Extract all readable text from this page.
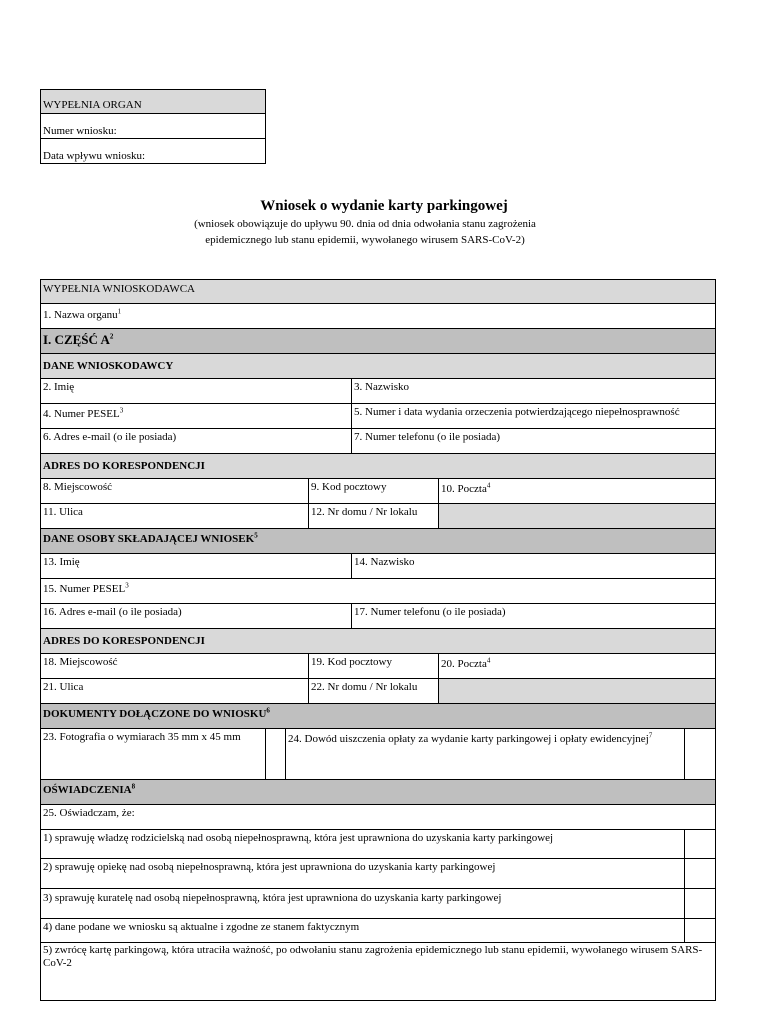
WYPEŁNIA ORGAN
Numer wniosku:
Data wpływu wniosku:
Wniosek o wydanie karty parkingowej
(wniosek obowiązuje do upływu 90. dnia od dnia odwołania stanu zagrożenia
epidemicznego lub stanu epidemii, wywołanego wirusem SARS-CoV-2)
WYPEŁNIA WNIOSKODAWCA
1. Nazwa organu$^1$
I. CZĘŚĆ $A^2$
DANE WNIOSKODAWCY
2. Imię	3. Nazwisko
4. Numer PESEL$^3$	5. Numer i data wydania orzeczenia potwierdzającego niepełnosprawność
6. Adres e-mail (o ile posiada)	7. Numer telefonu (o ile posiada)
ADRES DO KORESPONDENCJI
8. Miejscowość	9. Kod pocztowy	10. Poczta$^4$
11. Ulica	12. Nr domu / Nr lokalu
DANE OSOBY SKŁADAJĄCEJ WNIOSEK$^5$
13. Imię	14. Nazwisko
15. Numer PESEL$^3$
16. Adres e-mail (o ile posiada)	17. Numer telefonu (o ile posiada)
ADRES DO KORESPONDENCJI
18. Miejscowość	19. Kod pocztowy	20. Poczta$^4$
21. Ulica	22. Nr domu / Nr lokalu
DOKUMENTY DOŁĄCZONE DO WNIOSKU$^6$
23. Fotografia o wymiarach 35 mm x 45 mm	24. Dowód uiszczenia opłaty za wydanie karty parkingowej i opłaty ewidencyjnej$^7$
OŚWIADCZENIA$^8$
25. Oświadczam, że:
1) sprawuję władzę rodzicielską nad osobą niepełnosprawną, która jest uprawniona do uzyskania karty parkingowej
2) sprawuję opiekę nad osobą niepełnosprawną, która jest uprawniona do uzyskania karty parkingowej
3) sprawuję kuratelę nad osobą niepełnosprawną, która jest uprawniona do uzyskania karty parkingowej
4) dane podane we wniosku są aktualne i zgodne ze stanem faktycznym
5) zwrócę kartę parkingową, która utraciła ważność, po odwołaniu stanu zagrożenia epidemicznego lub stanu epidemii, wywołanego wirusem SARS-CoV-2
